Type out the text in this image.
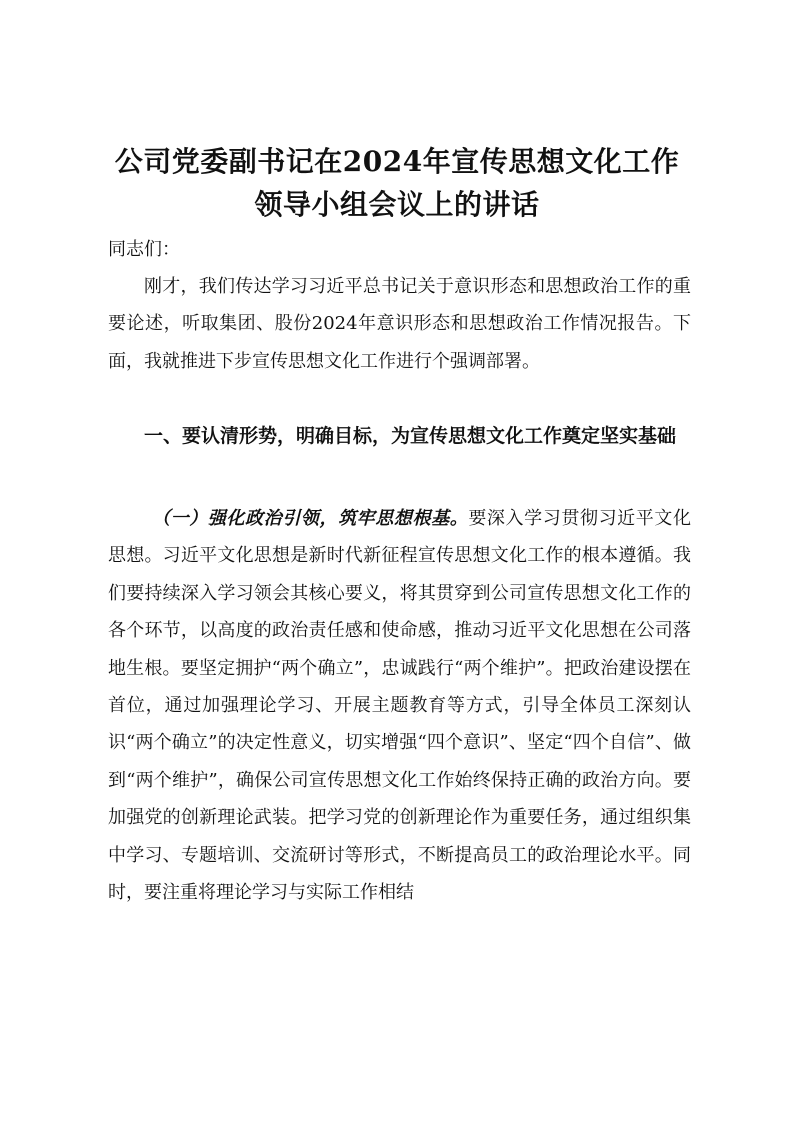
公司党委副书记在2024年宣传思想文化工作
领导小组会议上的讲话

同志们：

刚才，我们传达学习习近平总书记关于意识形态和思想政治工作的重要论述，听取集团、股份2024年意识形态和思想政治工作情况报告。下面，我就推进下步宣传思想文化工作进行个强调部署。

一、要认清形势，明确目标，为宣传思想文化工作奠定坚实基础

（一）强化政治引领，筑牢思想根基。要深入学习贯彻习近平文化思想。习近平文化思想是新时代新征程宣传思想文化工作的根本遵循。我们要持续深入学习领会其核心要义，将其贯穿到公司宣传思想文化工作的各个环节，以高度的政治责任感和使命感，推动习近平文化思想在公司落地生根。要坚定拥护“两个确立”，忠诚践行“两个维护”。把政治建设摆在首位，通过加强理论学习、开展主题教育等方式，引导全体员工深刻认识“两个确立”的决定性意义，切实增强“四个意识”、坚定“四个自信”、做到“两个维护”，确保公司宣传思想文化工作始终保持正确的政治方向。要加强党的创新理论武装。把学习党的创新理论作为重要任务，通过组织集中学习、专题培训、交流研讨等形式，不断提高员工的政治理论水平。同时，要注重将理论学习与实际工作相结
